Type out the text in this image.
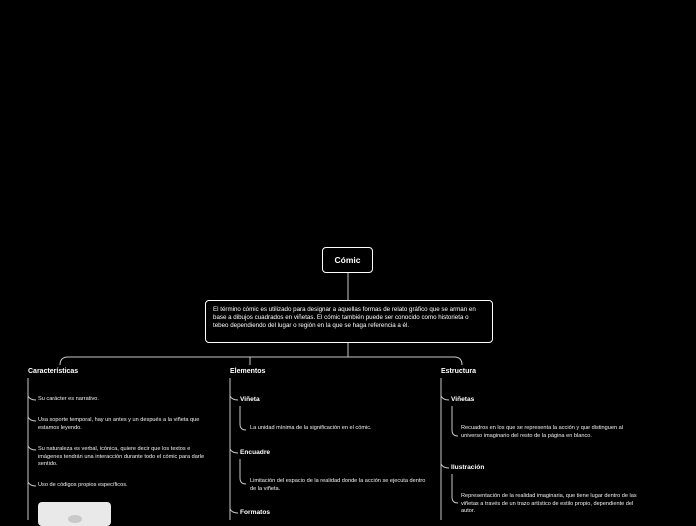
Cómic
El término cómic es utilizado para designar a aquellas formas de relato gráfico que se arman en base a dibujos cuadrados en viñetas. El cómic también puede ser conocido como historieta o tebeo dependiendo del lugar o región en la que se haga referencia a él.
Características
Su carácter es narrativo.
Usa soporte temporal, hay un antes y un después a la viñeta que estamos leyendo.
Su naturaleza es verbal, icónica, quiere decir que los textos e imágenes tendrán una interacción durante todo el cómic para darle sentido.
Uso de códigos propios específicos.
Elementos
Viñeta
La unidad mínima de la significación en el cómic.
Encuadre
Limitación del espacio de la realidad donde la acción se ejecuta dentro de la viñeta.
Formatos
Estructura
Viñetas
Recuadros en los que se representa la acción y que distinguen al universo imaginario del resto de la página en blanco.
Ilustración
Representación de la realidad imaginaria, que tiene lugar dentro de las viñetas a través de un trazo artístico de estilo propio, dependiente del autor.
